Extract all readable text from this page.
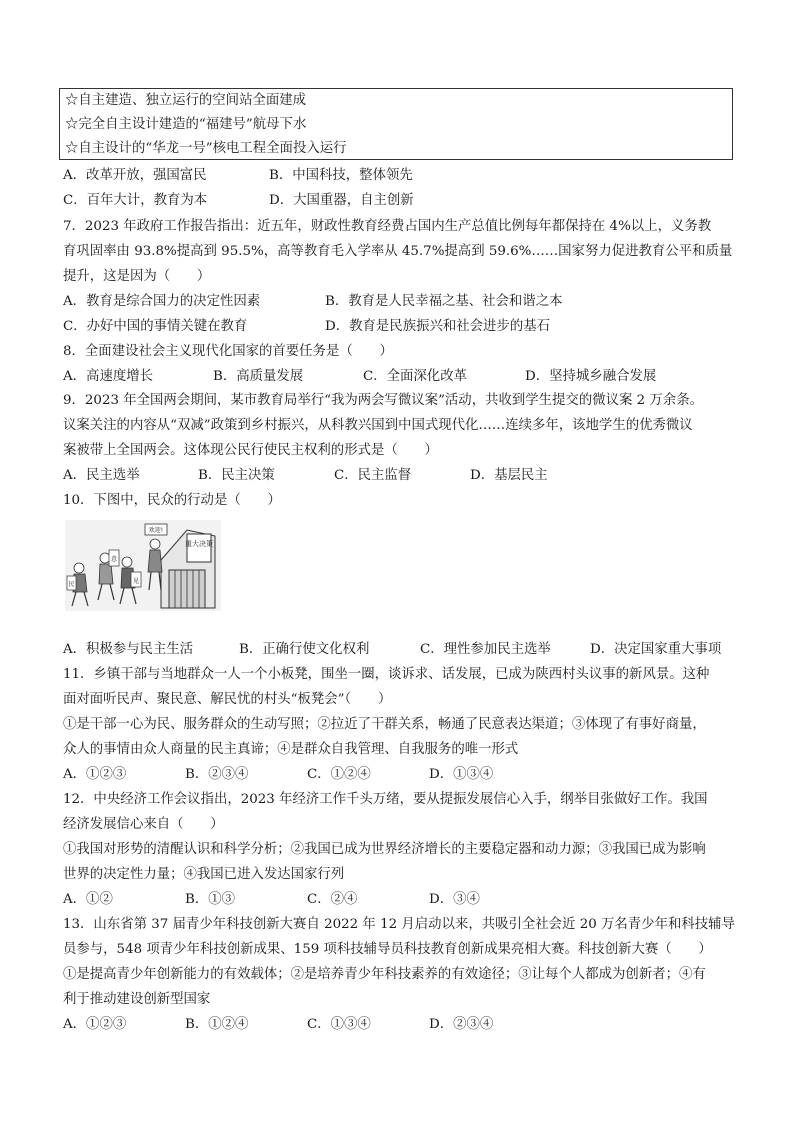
☆自主建造、独立运行的空间站全面建成
☆完全自主设计建造的“福建号”航母下水
☆自主设计的“华龙一号”核电工程全面投入运行
A．改革开放，强国富民	B．中国科技，整体领先
C．百年大计，教育为本	D．大国重器，自主创新
7．2023 年政府工作报告指出：近五年，财政性教育经费占国内生产总值比例每年都保持在 4%以上，义务教
育巩固率由 93.8%提高到 95.5%，高等教育毛入学率从 45.7%提高到 59.6%……国家努力促进教育公平和质量
提升，这是因为（　　）
A．教育是综合国力的决定性因素	B．教育是人民幸福之基、社会和谐之本
C．办好中国的事情关键在教育	D．教育是民族振兴和社会进步的基石
8．全面建设社会主义现代化国家的首要任务是（　　）
A．高速度增长	B．高质量发展	C．全面深化改革	D．坚持城乡融合发展
9．2023 年全国两会期间，某市教育局举行“我为两会写微议案”活动，共收到学生提交的微议案 2 万余条。
议案关注的内容从“双减”政策到乡村振兴，从科教兴国到中国式现代化……连续多年，该地学生的优秀微议
案被带上全国两会。这体现公民行使民主权利的形式是（　　）
A．民主选举	B．民主决策	C．民主监督	D．基层民主
10．下图中，民众的行动是（　　）
重大决策
欢迎!
民
意
见
A．积极参与民主生活	B．正确行使文化权利	C．理性参加民主选举	D．决定国家重大事项
11．乡镇干部与当地群众一人一个小板凳，围坐一圈，谈诉求、话发展，已成为陕西村头议事的新风景。这种
面对面听民声、聚民意、解民忧的村头“板凳会”（　　）
①是干部一心为民、服务群众的生动写照；②拉近了干群关系，畅通了民意表达渠道；③体现了有事好商量，
众人的事情由众人商量的民主真谛；④是群众自我管理、自我服务的唯一形式
A．①②③	B．②③④	C．①②④	D．①③④
12．中央经济工作会议指出，2023 年经济工作千头万绪，要从提振发展信心入手，纲举目张做好工作。我国
经济发展信心来自（　　）
①我国对形势的清醒认识和科学分析；②我国已成为世界经济增长的主要稳定器和动力源；③我国已成为影响
世界的决定性力量；④我国已进入发达国家行列
A．①②	B．①③	C．②④	D．③④
13．山东省第 37 届青少年科技创新大赛自 2022 年 12 月启动以来，共吸引全社会近 20 万名青少年和科技辅导
员参与，548 项青少年科技创新成果、159 项科技辅导员科技教育创新成果亮相大赛。科技创新大赛（　　）
①是提高青少年创新能力的有效载体；②是培养青少年科技素养的有效途径；③让每个人都成为创新者；④有
利于推动建设创新型国家
A．①②③	B．①②④	C．①③④	D．②③④
